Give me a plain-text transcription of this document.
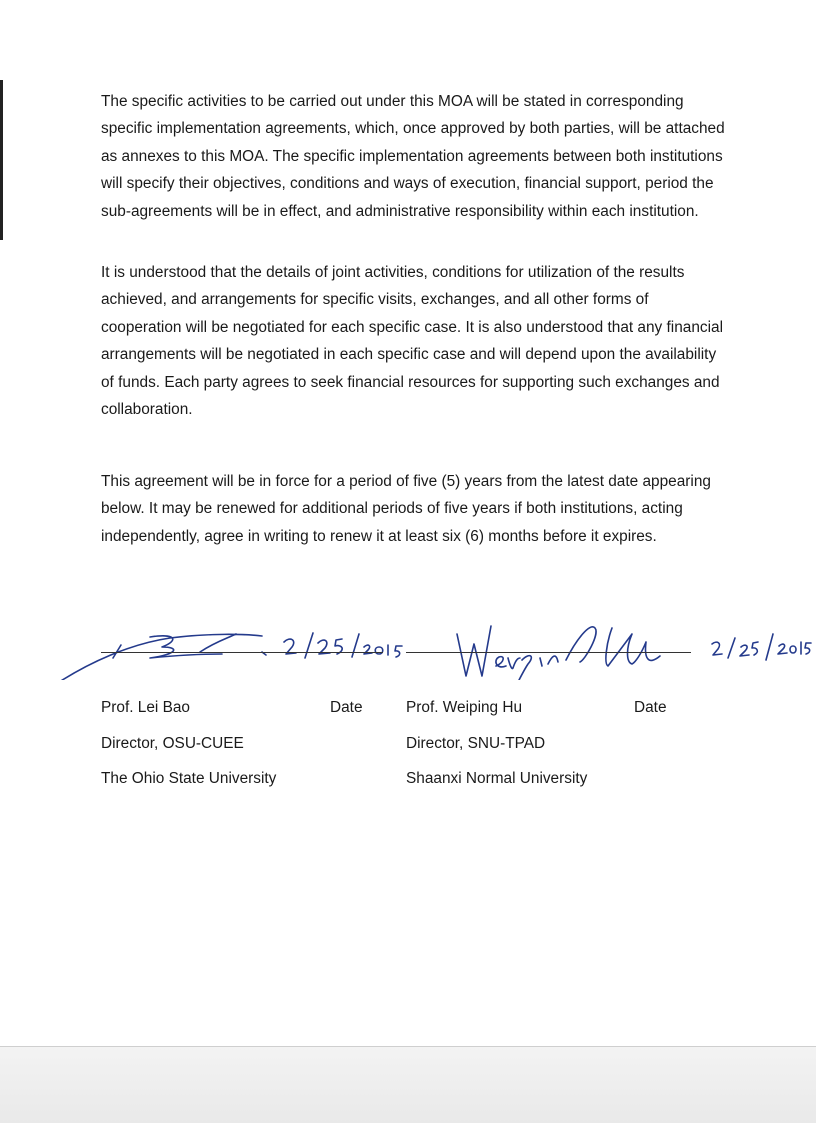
The specific activities to be carried out under this MOA will be stated in corresponding specific implementation agreements, which, once approved by both parties, will be attached as annexes to this MOA. The specific implementation agreements between both institutions will specify their objectives, conditions and ways of execution, financial support, period the sub-agreements will be in effect, and administrative responsibility within each institution.

It is understood that the details of joint activities, conditions for utilization of the results achieved, and arrangements for specific visits, exchanges, and all other forms of cooperation will be negotiated for each specific case. It is also understood that any financial arrangements will be negotiated in each specific case and will depend upon the availability of funds. Each party agrees to seek financial resources for supporting such exchanges and collaboration.

This agreement will be in force for a period of five (5) years from the latest date appearing below. It may be renewed for additional periods of five years if both institutions, acting independently, agree in writing to renew it at least six (6) months before it expires.

Prof. Lei Bao	Date
Director, OSU-CUEE
The Ohio State University
Prof. Weiping Hu	Date
Director, SNU-TPAD
Shaanxi Normal University
